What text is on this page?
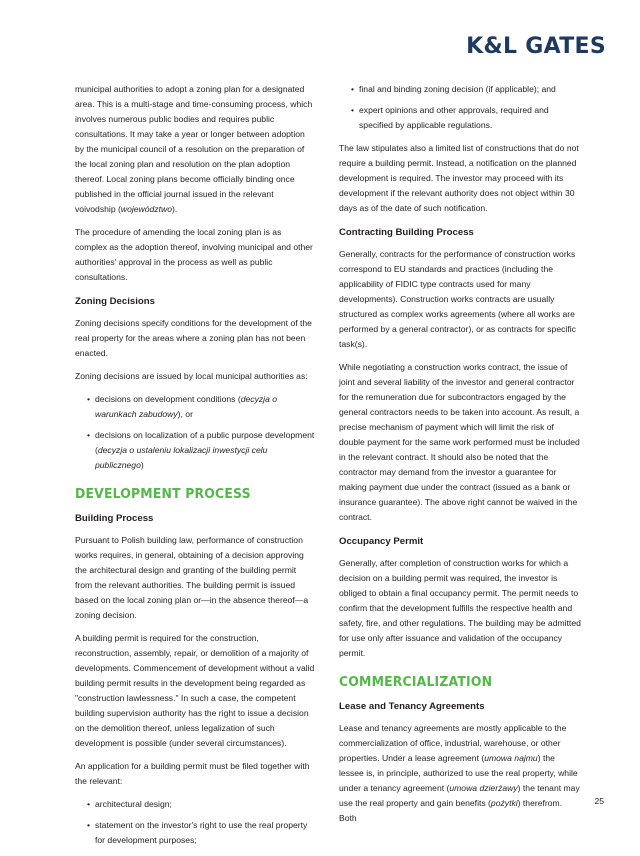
K&L GATES

municipal authorities to adopt a zoning plan for a designated area. This is a multi-stage and time-consuming process, which involves numerous public bodies and requires public consultations. It may take a year or longer between adoption by the municipal council of a resolution on the preparation of the local zoning plan and resolution on the plan adoption thereof. Local zoning plans become officially binding once published in the official journal issued in the relevant voivodship (województwo).

The procedure of amending the local zoning plan is as complex as the adoption thereof, involving municipal and other authorities' approval in the process as well as public consultations.

Zoning Decisions

Zoning decisions specify conditions for the development of the real property for the areas where a zoning plan has not been enacted.

Zoning decisions are issued by local municipal authorities as:

• decisions on development conditions (decyzja o warunkach zabudowy), or
• decisions on localization of a public purpose development (decyzja o ustaleniu lokalizacji inwestycji celu publicznego)
DEVELOPMENT PROCESS
Building Process

Pursuant to Polish building law, performance of construction works requires, in general, obtaining of a decision approving the architectural design and granting of the building permit from the relevant authorities. The building permit is issued based on the local zoning plan or—in the absence thereof—a zoning decision.

A building permit is required for the construction, reconstruction, assembly, repair, or demolition of a majority of developments. Commencement of development without a valid building permit results in the development being regarded as "construction lawlessness." In such a case, the competent building supervision authority has the right to issue a decision on the demolition thereof, unless legalization of such development is possible (under several circumstances).

An application for a building permit must be filed together with the relevant:

• architectural design;
• statement on the investor's right to use the real property for development purposes;
• final and binding zoning decision (if applicable); and
• expert opinions and other approvals, required and specified by applicable regulations.

The law stipulates also a limited list of constructions that do not require a building permit. Instead, a notification on the planned development is required. The investor may proceed with its development if the relevant authority does not object within 30 days as of the date of such notification.

Contracting Building Process

Generally, contracts for the performance of construction works correspond to EU standards and practices (including the applicability of FIDIC type contracts used for many developments). Construction works contracts are usually structured as complex works agreements (where all works are performed by a general contractor), or as contracts for specific task(s).

While negotiating a construction works contract, the issue of joint and several liability of the investor and general contractor for the remuneration due for subcontractors engaged by the general contractors needs to be taken into account. As result, a precise mechanism of payment which will limit the risk of double payment for the same work performed must be included in the relevant contract. It should also be noted that the contractor may demand from the investor a guarantee for making payment due under the contract (issued as a bank or insurance guarantee). The above right cannot be waived in the contract.

Occupancy Permit

Generally, after completion of construction works for which a decision on a building permit was required, the investor is obliged to obtain a final occupancy permit. The permit needs to confirm that the development fulfills the respective health and safety, fire, and other regulations. The building may be admitted for use only after issuance and validation of the occupancy permit.

COMMERCIALIZATION
Lease and Tenancy Agreements

Lease and tenancy agreements are mostly applicable to the commercialization of office, industrial, warehouse, or other properties. Under a lease agreement (umowa najmu) the lessee is, in principle, authorized to use the real property, while under a tenancy agreement (umowa dzierżawy) the tenant may use the real property and gain benefits (pożytki) therefrom. Both

25
